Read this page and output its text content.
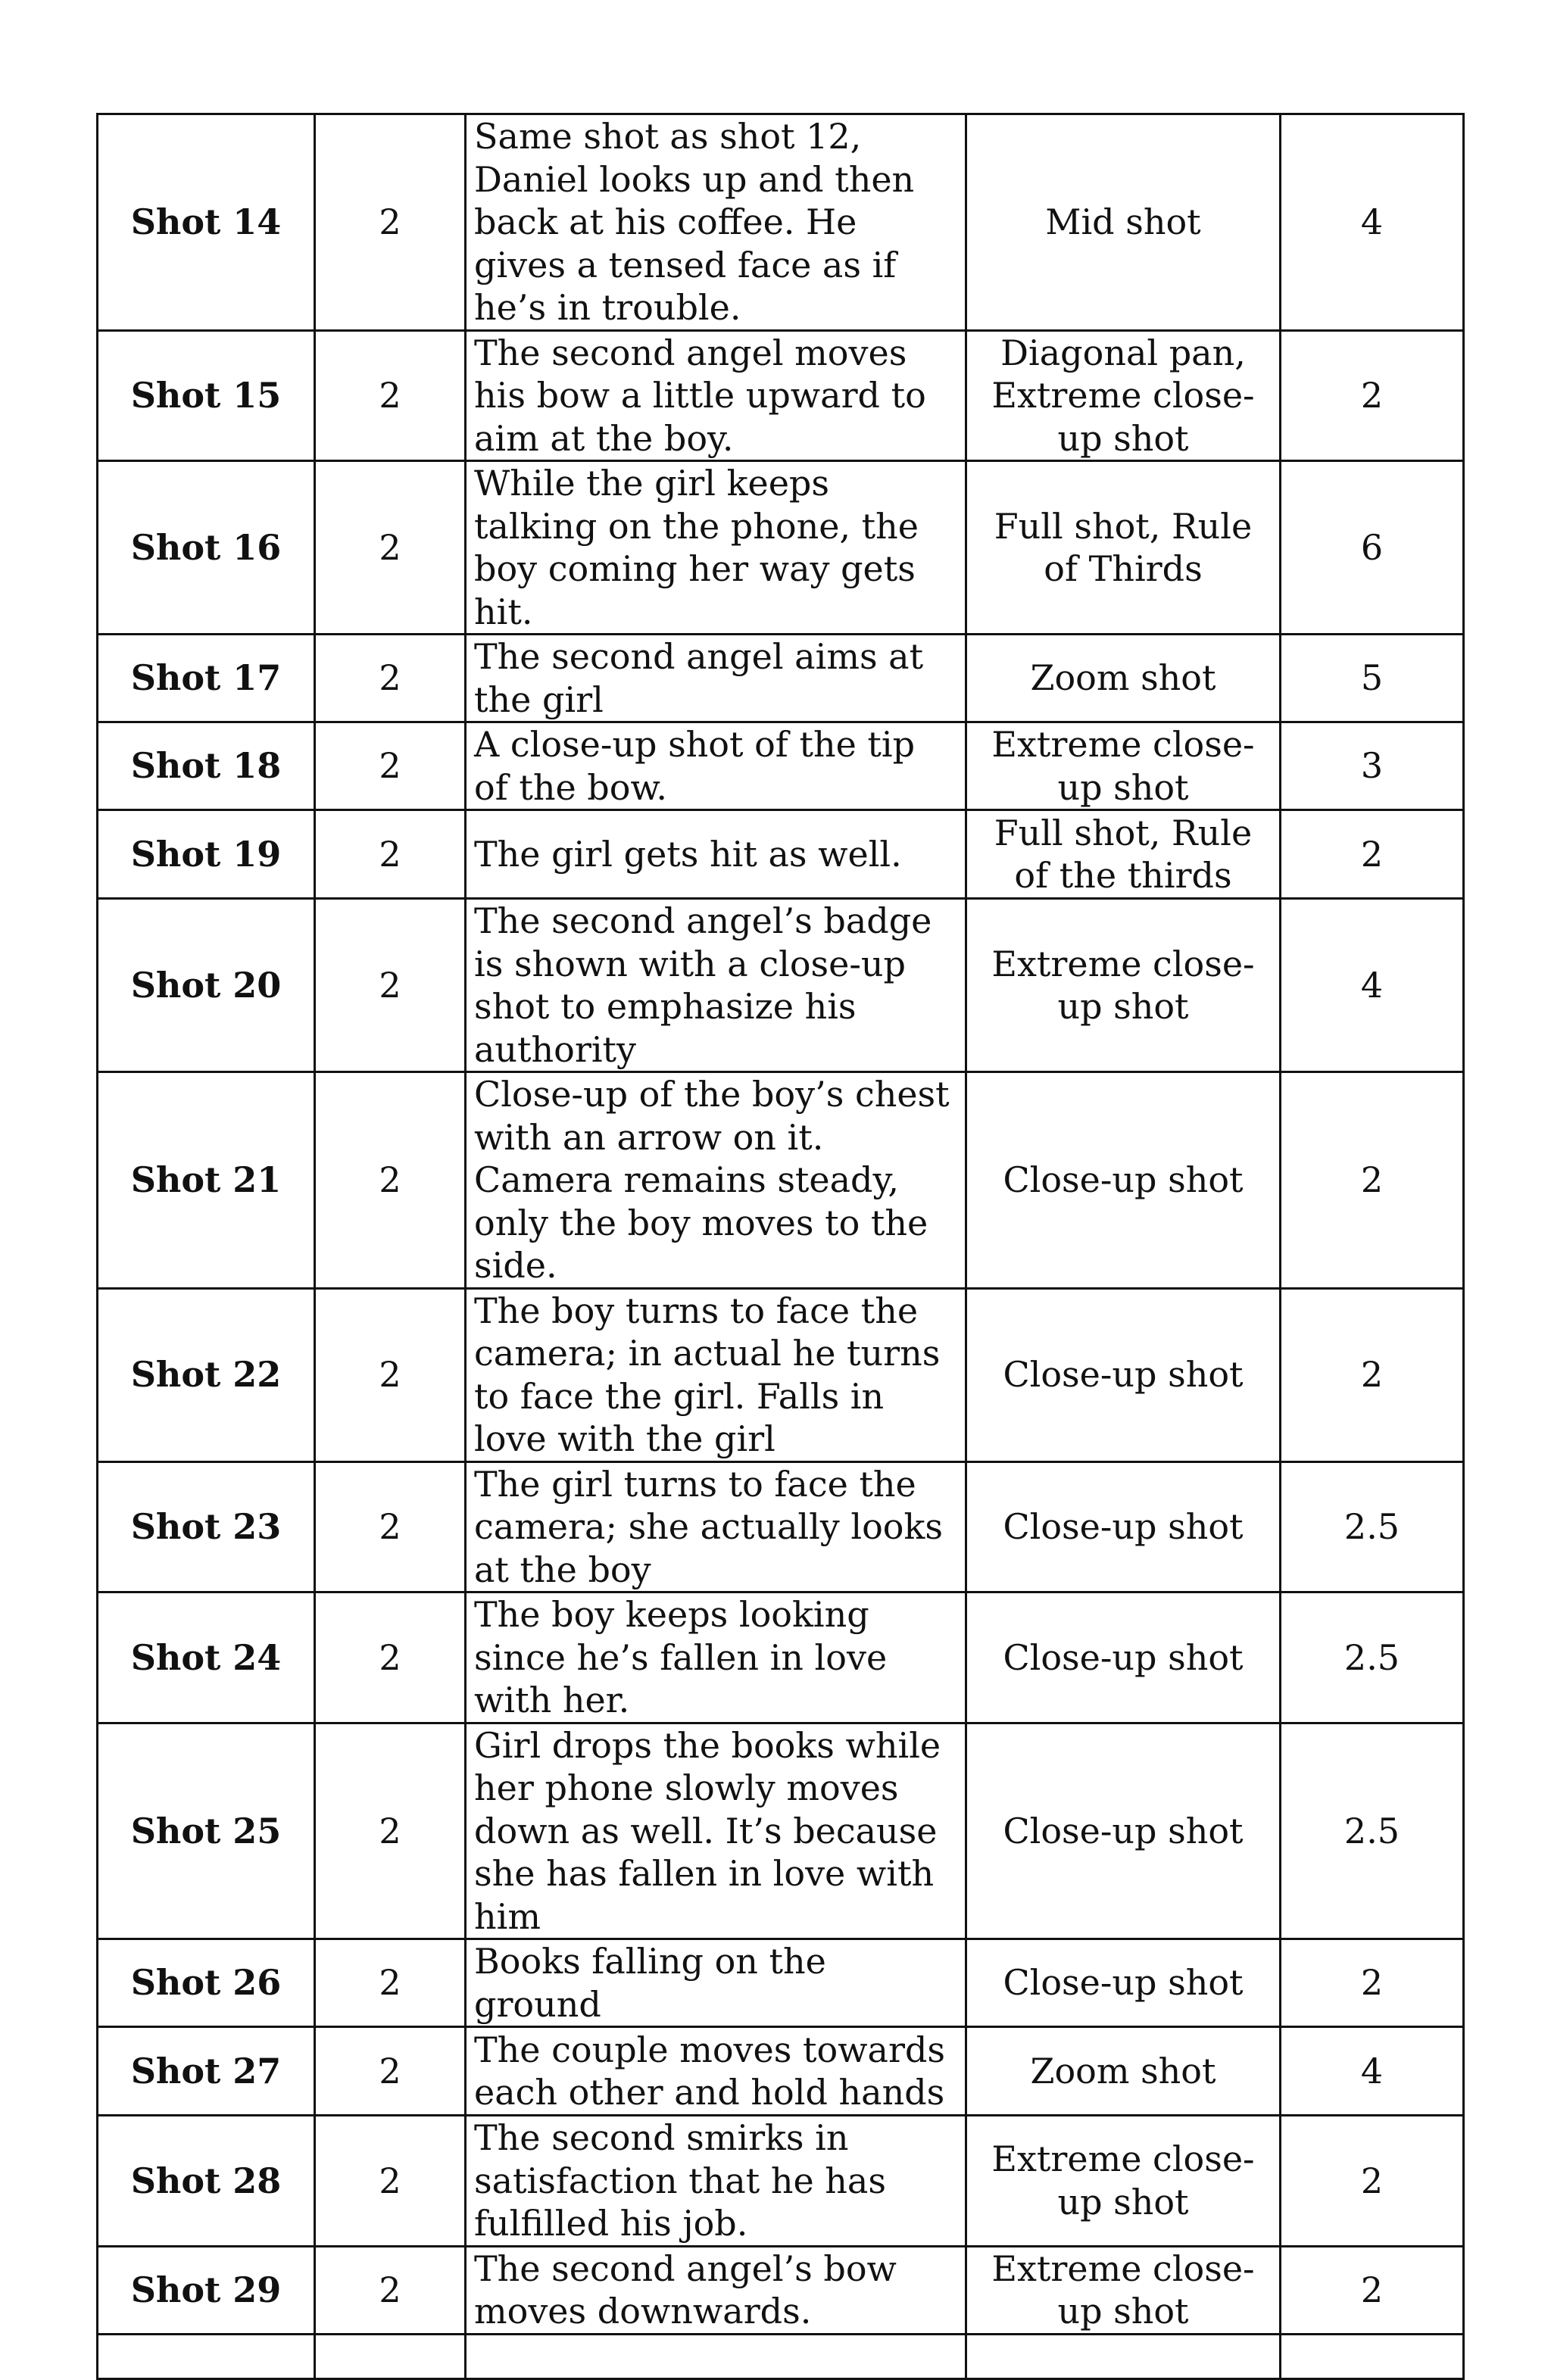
Shot 14	2	Same shot as shot 12, Daniel looks up and then back at his coffee. He gives a tensed face as if he’s in trouble.	Mid shot	4
Shot 15	2	The second angel moves his bow a little upward to aim at the boy.	Diagonal pan, Extreme close-up shot	2
Shot 16	2	While the girl keeps talking on the phone, the boy coming her way gets hit.	Full shot, Rule of Thirds	6
Shot 17	2	The second angel aims at the girl	Zoom shot	5
Shot 18	2	A close-up shot of the tip of the bow.	Extreme close-up shot	3
Shot 19	2	The girl gets hit as well.	Full shot, Rule of the thirds	2
Shot 20	2	The second angel’s badge is shown with a close-up shot to emphasize his authority	Extreme close-up shot	4
Shot 21	2	Close-up of the boy’s chest with an arrow on it. Camera remains steady, only the boy moves to the side.	Close-up shot	2
Shot 22	2	The boy turns to face the camera; in actual he turns to face the girl. Falls in love with the girl	Close-up shot	2
Shot 23	2	The girl turns to face the camera; she actually looks at the boy	Close-up shot	2.5
Shot 24	2	The boy keeps looking since he’s fallen in love with her.	Close-up shot	2.5
Shot 25	2	Girl drops the books while her phone slowly moves down as well. It’s because she has fallen in love with him	Close-up shot	2.5
Shot 26	2	Books falling on the ground	Close-up shot	2
Shot 27	2	The couple moves towards each other and hold hands	Zoom shot	4
Shot 28	2	The second smirks in satisfaction that he has fulfilled his job.	Extreme close-up shot	2
Shot 29	2	The second angel’s bow moves downwards.	Extreme close-up shot	2
